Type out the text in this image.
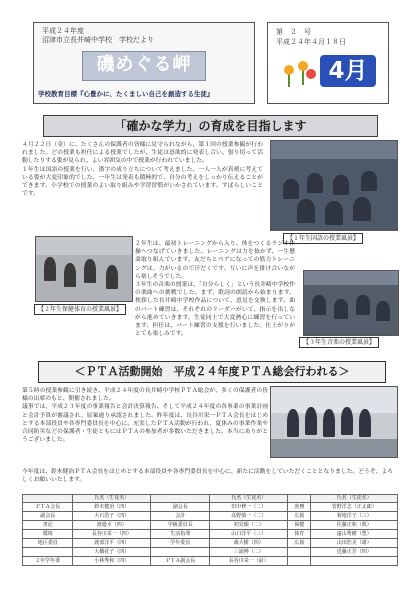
平成２４年度
沼津市立長井崎中学校　学校だより
磯めぐる岬
学校教育目標『心豊かに、たくましい自己を創造する生徒』
第　２　号
平成２４年４月１８日
4月
「確かな学力」の育成を目指します
４月２２日（金）に、たくさんの保護者の皆様に見守られながら、第１回の授業参観が行われました。どの授業も担任による授業でしたが、生徒は意欲的に発表し合い、張り切って活動したりする姿が見られ、よい雰囲気の中で授業が行われていました。
１年生は国語の授業を行い、漢字の成り立ちについて考えました。一人一人が真剣に考えている姿が大変印象的でした。一年生は発表も積極的で、自分の考えをしっかり伝えることができます。小学校での授業のよい取り組みや学習習慣がいかされています。すばらしいことです。
【１年生国語の授業風景】
【２年生保健体育の授業風景】
２年生は、最初トレーニングから入り、体をつくるラジオ体操へつなげていきました。レーニングは力を抜かず、一生懸命取り組んでいます。友だちとペアになっての筋力トレーニングは、力がいるので汗だくです。互いに声を掛け合いながら楽しそうでした。
３年生の音楽の授業は、「自分らしく」という長井崎中学校作の楽曲への挑戦でした。まず、歌詞の朗読から始まります。挨拶した長井崎中学校作品について、意見を交換します。曲のパート練習は、それぞれのリーダーがいて、指示を出しながら進めていきます。生徒同士で大変熱心に練習を行っています。担任は、パート練習の支援を行いました。仕上がりがとても楽しみです。
【３年生音楽の授業風景】
＜ＰＴＡ活動開始　平成２４年度ＰＴＡ総会行われる＞
第５時の授業参観に引き続き、平成２４年度の長井崎中学校ＰＴＡ総会が、多くの保護者の皆様の出席のもと、開催されました。
議事では、平成２３年度の事業報告と会計決算報告、そして平成２４年度の各事業の事業計画と会計予算が審議され、原案通り承認されました。昨年度は、長谷川栄一ＰＴＡ会長をはじめとする本部役員や各専門委員長を中心に、充実したＰＴＡ活動が行われ、夏休みの事業作業や合同防災などの保護者・生徒ともにはＰＴＡの参加者が多数いただきました。本当にありがとうございました。
今年度は、鈴木健治ＰＴＡ会長をはじめとする本部役員や各専門委員長を中心に、新たに活動をしていただくこととなりました。どうぞ、よろしくお願いいたします。
	氏名（生徒名）		氏名（生徒名）		氏名（生徒名）
ＰＴＡ会長	鈴木健治（四）	副会長	田中修一（二）	庶務	菅野洋志（正太郎）
副会長	大石浩子（四）	会計	高野慎一（二）	広報	菊地洋子（三）
書記	渡邉幸（四）	学級委員長	初見銀（二）	保健	佐藤正和（典）
環境	長谷川栄一（四）	生活指導	山口洋平（三）	体育	遠山秀樹（豊）
地区委員	渡部洋平（四）	学年委員	森大樹（四）	広報	山田浩美（雄）
	大橋花子（四）		三浦博（二）		近藤正芳（四）
２年学年委	小林秀和（四）	ＰＴＡ副会長	長谷川栄一（前）		
